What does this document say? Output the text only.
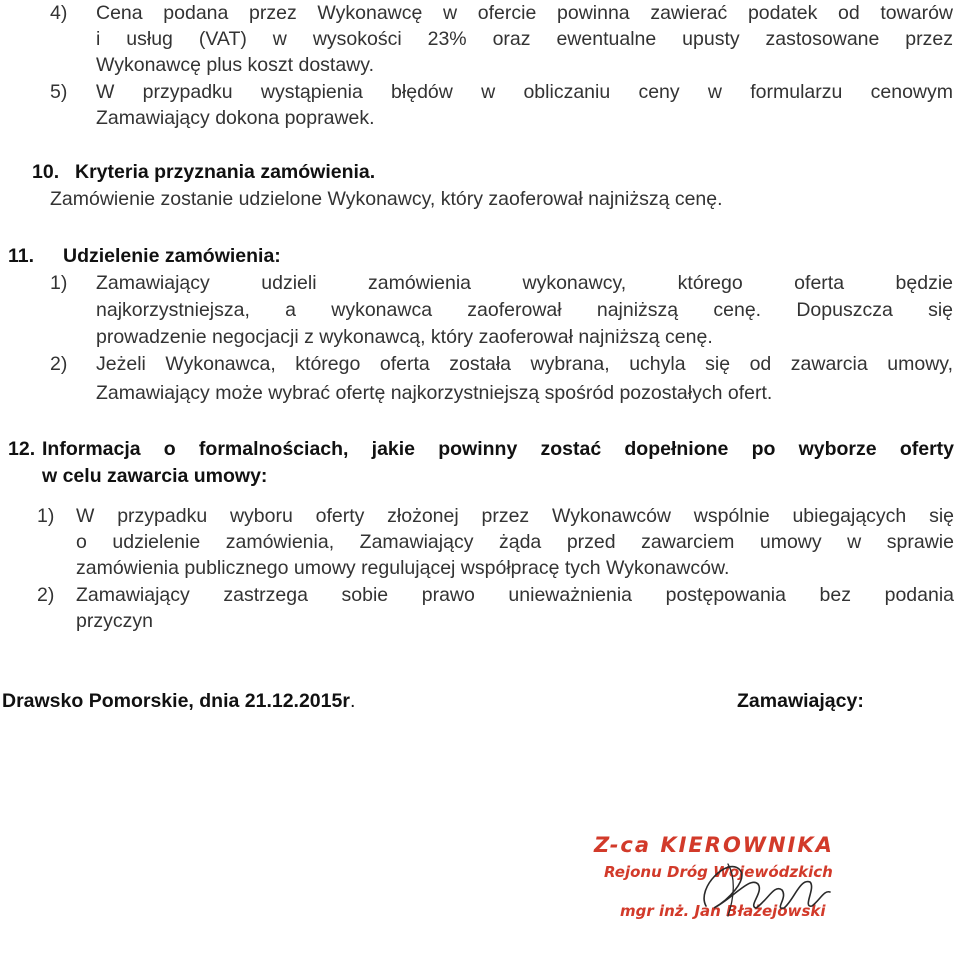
4) Cena podana przez Wykonawcę w ofercie powinna zawierać podatek od towarów
i usług (VAT) w wysokości 23% oraz ewentualne upusty zastosowane przez
Wykonawcę plus koszt dostawy.
5) W przypadku wystąpienia błędów w obliczaniu ceny w formularzu cenowym
Zamawiający dokona poprawek.
10. Kryteria przyznania zamówienia.
Zamówienie zostanie udzielone Wykonawcy, który zaoferował najniższą cenę.
11. Udzielenie zamówienia:
1) Zamawiający udzieli zamówienia wykonawcy, którego oferta będzie
najkorzystniejsza, a wykonawca zaoferował najniższą cenę. Dopuszcza się
prowadzenie negocjacji z wykonawcą, który zaoferował najniższą cenę.
2) Jeżeli Wykonawca, którego oferta została wybrana, uchyla się od zawarcia umowy,
Zamawiający może wybrać ofertę najkorzystniejszą spośród pozostałych ofert.
12. Informacja o formalnościach, jakie powinny zostać dopełnione po wyborze oferty
w celu zawarcia umowy:
1) W przypadku wyboru oferty złożonej przez Wykonawców wspólnie ubiegających się
o udzielenie zamówienia, Zamawiający żąda przed zawarciem umowy w sprawie
zamówienia publicznego umowy regulującej współpracę tych Wykonawców.
2) Zamawiający zastrzega sobie prawo unieważnienia postępowania bez podania
przyczyn
Drawsko Pomorskie, dnia 21.12.2015r.	Zamawiający:
Z-ca KIEROWNIKA
Rejonu Dróg Wojewódzkich
mgr inż. Jan Błażejowski
